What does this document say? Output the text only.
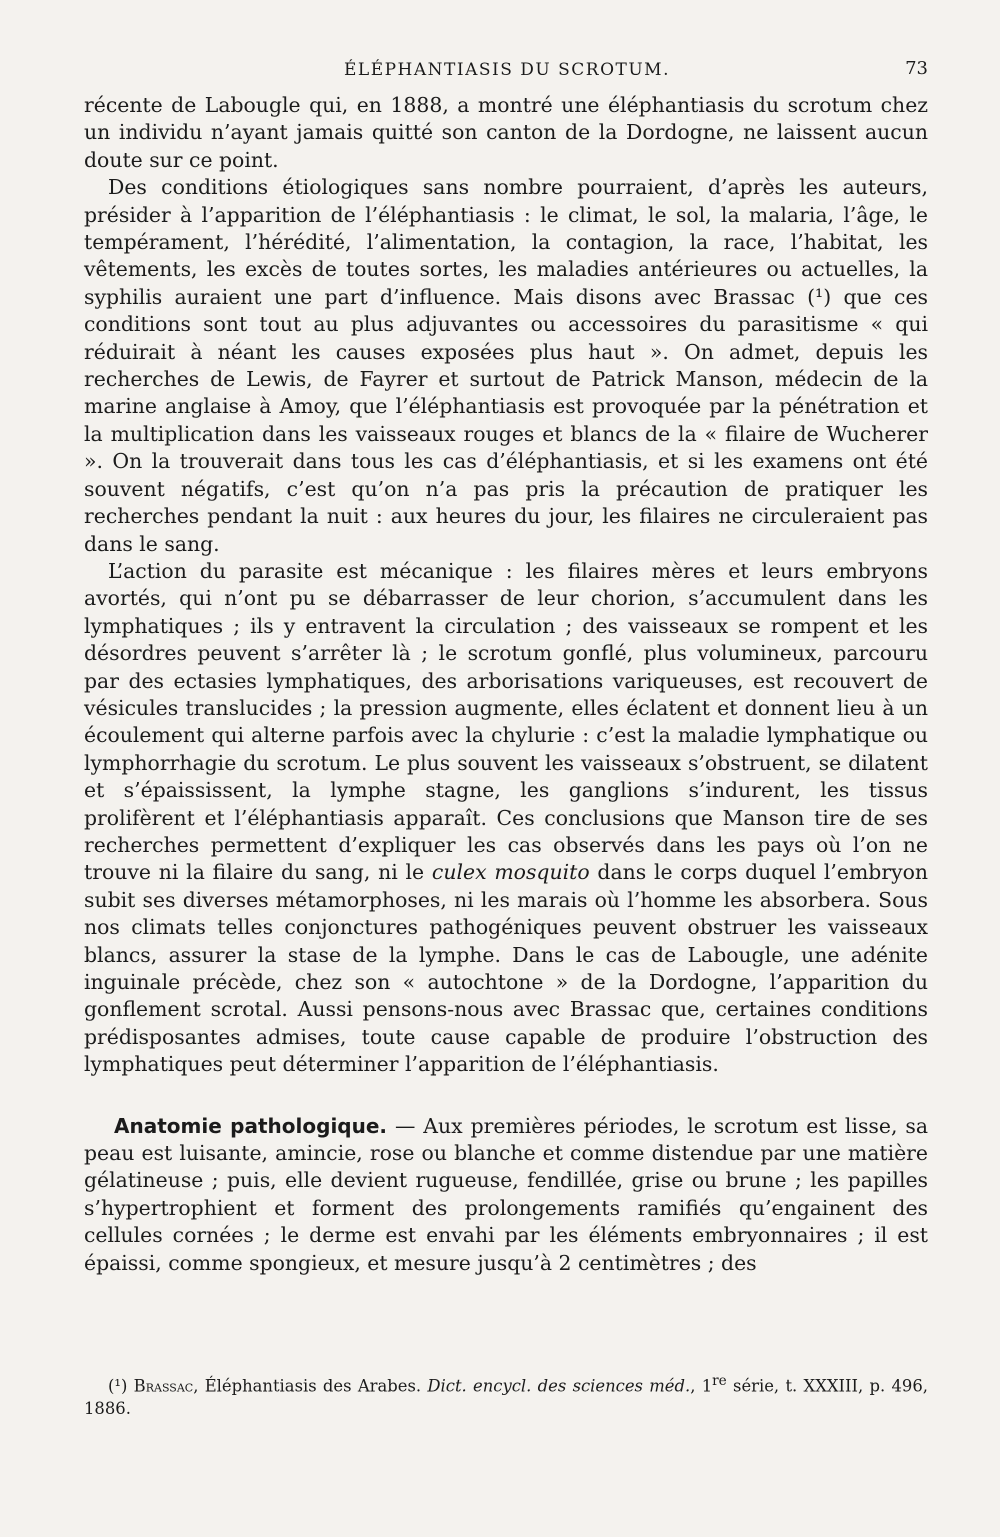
ÉLÉPHANTIASIS DU SCROTUM.	73

récente de Labougle qui, en 1888, a montré une éléphantiasis du scrotum chez un individu n’ayant jamais quitté son canton de la Dordogne, ne laissent aucun doute sur ce point.

Des conditions étiologiques sans nombre pourraient, d’après les auteurs, présider à l’apparition de l’éléphantiasis : le climat, le sol, la malaria, l’âge, le tempérament, l’hérédité, l’alimentation, la contagion, la race, l’habitat, les vêtements, les excès de toutes sortes, les maladies antérieures ou actuelles, la syphilis auraient une part d’influence. Mais disons avec Brassac (¹) que ces conditions sont tout au plus adjuvantes ou accessoires du parasitisme « qui réduirait à néant les causes exposées plus haut ». On admet, depuis les recherches de Lewis, de Fayrer et surtout de Patrick Manson, médecin de la marine anglaise à Amoy, que l’éléphantiasis est provoquée par la pénétration et la multiplication dans les vaisseaux rouges et blancs de la « filaire de Wucherer ». On la trouverait dans tous les cas d’éléphantiasis, et si les examens ont été souvent négatifs, c’est qu’on n’a pas pris la précaution de pratiquer les recherches pendant la nuit : aux heures du jour, les filaires ne circuleraient pas dans le sang.

L’action du parasite est mécanique : les filaires mères et leurs embryons avortés, qui n’ont pu se débarrasser de leur chorion, s’accumulent dans les lymphatiques ; ils y entravent la circulation ; des vaisseaux se rompent et les désordres peuvent s’arrêter là ; le scrotum gonflé, plus volumineux, parcouru par des ectasies lymphatiques, des arborisations variqueuses, est recouvert de vésicules translucides ; la pression augmente, elles éclatent et donnent lieu à un écoulement qui alterne parfois avec la chylurie : c’est la maladie lymphatique ou lymphorrhagie du scrotum. Le plus souvent les vaisseaux s’obstruent, se dilatent et s’épaississent, la lymphe stagne, les ganglions s’indurent, les tissus prolifèrent et l’éléphantiasis apparaît. Ces conclusions que Manson tire de ses recherches permettent d’expliquer les cas observés dans les pays où l’on ne trouve ni la filaire du sang, ni le culex mosquito dans le corps duquel l’embryon subit ses diverses métamorphoses, ni les marais où l’homme les absorbera. Sous nos climats telles conjonctures pathogéniques peuvent obstruer les vaisseaux blancs, assurer la stase de la lymphe. Dans le cas de Labougle, une adénite inguinale précède, chez son « autochtone » de la Dordogne, l’apparition du gonflement scrotal. Aussi pensons-nous avec Brassac que, certaines conditions prédisposantes admises, toute cause capable de produire l’obstruction des lymphatiques peut déterminer l’apparition de l’éléphantiasis.

Anatomie pathologique. — Aux premières périodes, le scrotum est lisse, sa peau est luisante, amincie, rose ou blanche et comme distendue par une matière gélatineuse ; puis, elle devient rugueuse, fendillée, grise ou brune ; les papilles s’hypertrophient et forment des prolongements ramifiés qu’engainent des cellules cornées ; le derme est envahi par les éléments embryonnaires ; il est épaissi, comme spongieux, et mesure jusqu’à 2 centimètres ; des

(¹) Brassac, Éléphantiasis des Arabes. Dict. encycl. des sciences méd., 1re série, t. XXXIII, p. 496, 1886.
